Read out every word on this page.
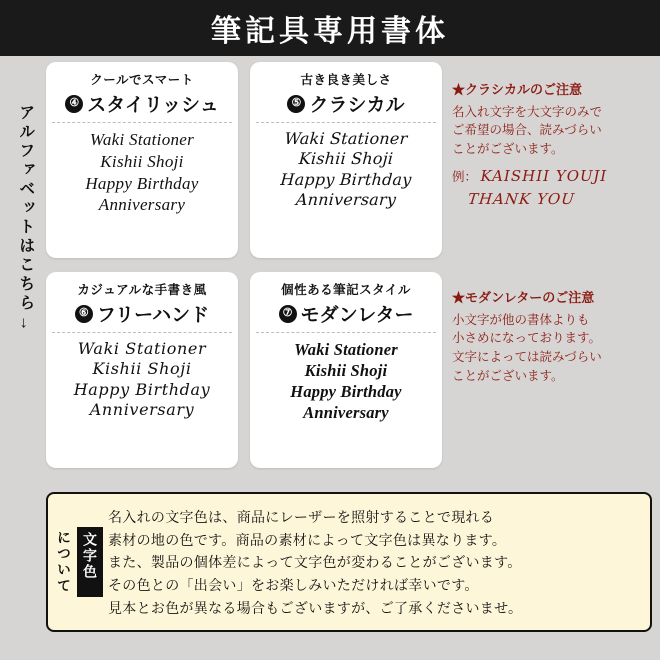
筆記具専用書体
アルファベットはこちら
→
クールでスマート
④ スタイリッシュ
Waki Stationer
Kishii Shoji
Happy Birthday
Anniversary
古き良き美しさ
⑤ クラシカル
Waki Stationer
Kishii Shoji
Happy Birthday
Anniversary
カジュアルな手書き風
⑥ フリーハンド
Waki Stationer
Kishii Shoji
Happy Birthday
Anniversary
個性ある筆記スタイル
⑦ モダンレター
Waki Stationer
Kishii Shoji
Happy Birthday
Anniversary
★クラシカルのご注意
名入れ文字を大文字のみで
ご希望の場合、読みづらい
ことがございます。
例： KAISHII YOUJI
THANK YOU
★モダンレターのご注意
小文字が他の書体よりも
小さめになっております。
文字によっては読みづらい
ことがございます。
について 文字色
名入れの文字色は、商品にレーザーを照射することで現れる
素材の地の色です。商品の素材によって文字色は異なります。
また、製品の個体差によって文字色が変わることがございます。
その色との「出会い」をお楽しみいただければ幸いです。
見本とお色が異なる場合もございますが、ご了承くださいませ。
